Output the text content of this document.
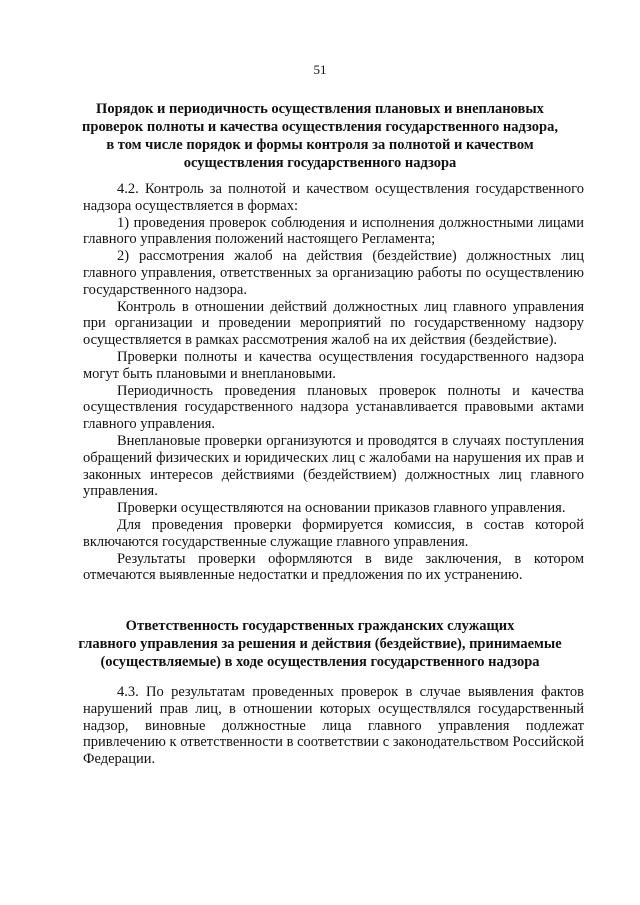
51
Порядок и периодичность осуществления плановых и внеплановых
проверок полноты и качества осуществления государственного надзора,
в том числе порядок и формы контроля за полнотой и качеством
осуществления государственного надзора

4.2. Контроль за полнотой и качеством осуществления государственного надзора осуществляется в формах:

1) проведения проверок соблюдения и исполнения должностными лицами главного управления положений настоящего Регламента;

2) рассмотрения жалоб на действия (бездействие) должностных лиц главного управления, ответственных за организацию работы по осуществлению государственного надзора.

Контроль в отношении действий должностных лиц главного управления при организации и проведении мероприятий по государственному надзору осуществляется в рамках рассмотрения жалоб на их действия (бездействие).

Проверки полноты и качества осуществления государственного надзора могут быть плановыми и внеплановыми.

Периодичность проведения плановых проверок полноты и качества осуществления государственного надзора устанавливается правовыми актами главного управления.

Внеплановые проверки организуются и проводятся в случаях поступления обращений физических и юридических лиц с жалобами на нарушения их прав и законных интересов действиями (бездействием) должностных лиц главного управления.

Проверки осуществляются на основании приказов главного управления.

Для проведения проверки формируется комиссия, в состав которой включаются государственные служащие главного управления.

Результаты проверки оформляются в виде заключения, в котором отмечаются выявленные недостатки и предложения по их устранению.

Ответственность государственных гражданских служащих
главного управления за решения и действия (бездействие), принимаемые
(осуществляемые) в ходе осуществления государственного надзора

4.3. По результатам проведенных проверок в случае выявления фактов нарушений прав лиц, в отношении которых осуществлялся государственный надзор, виновные должностные лица главного управления подлежат привлечению к ответственности в соответствии с законодательством Российской Федерации.
